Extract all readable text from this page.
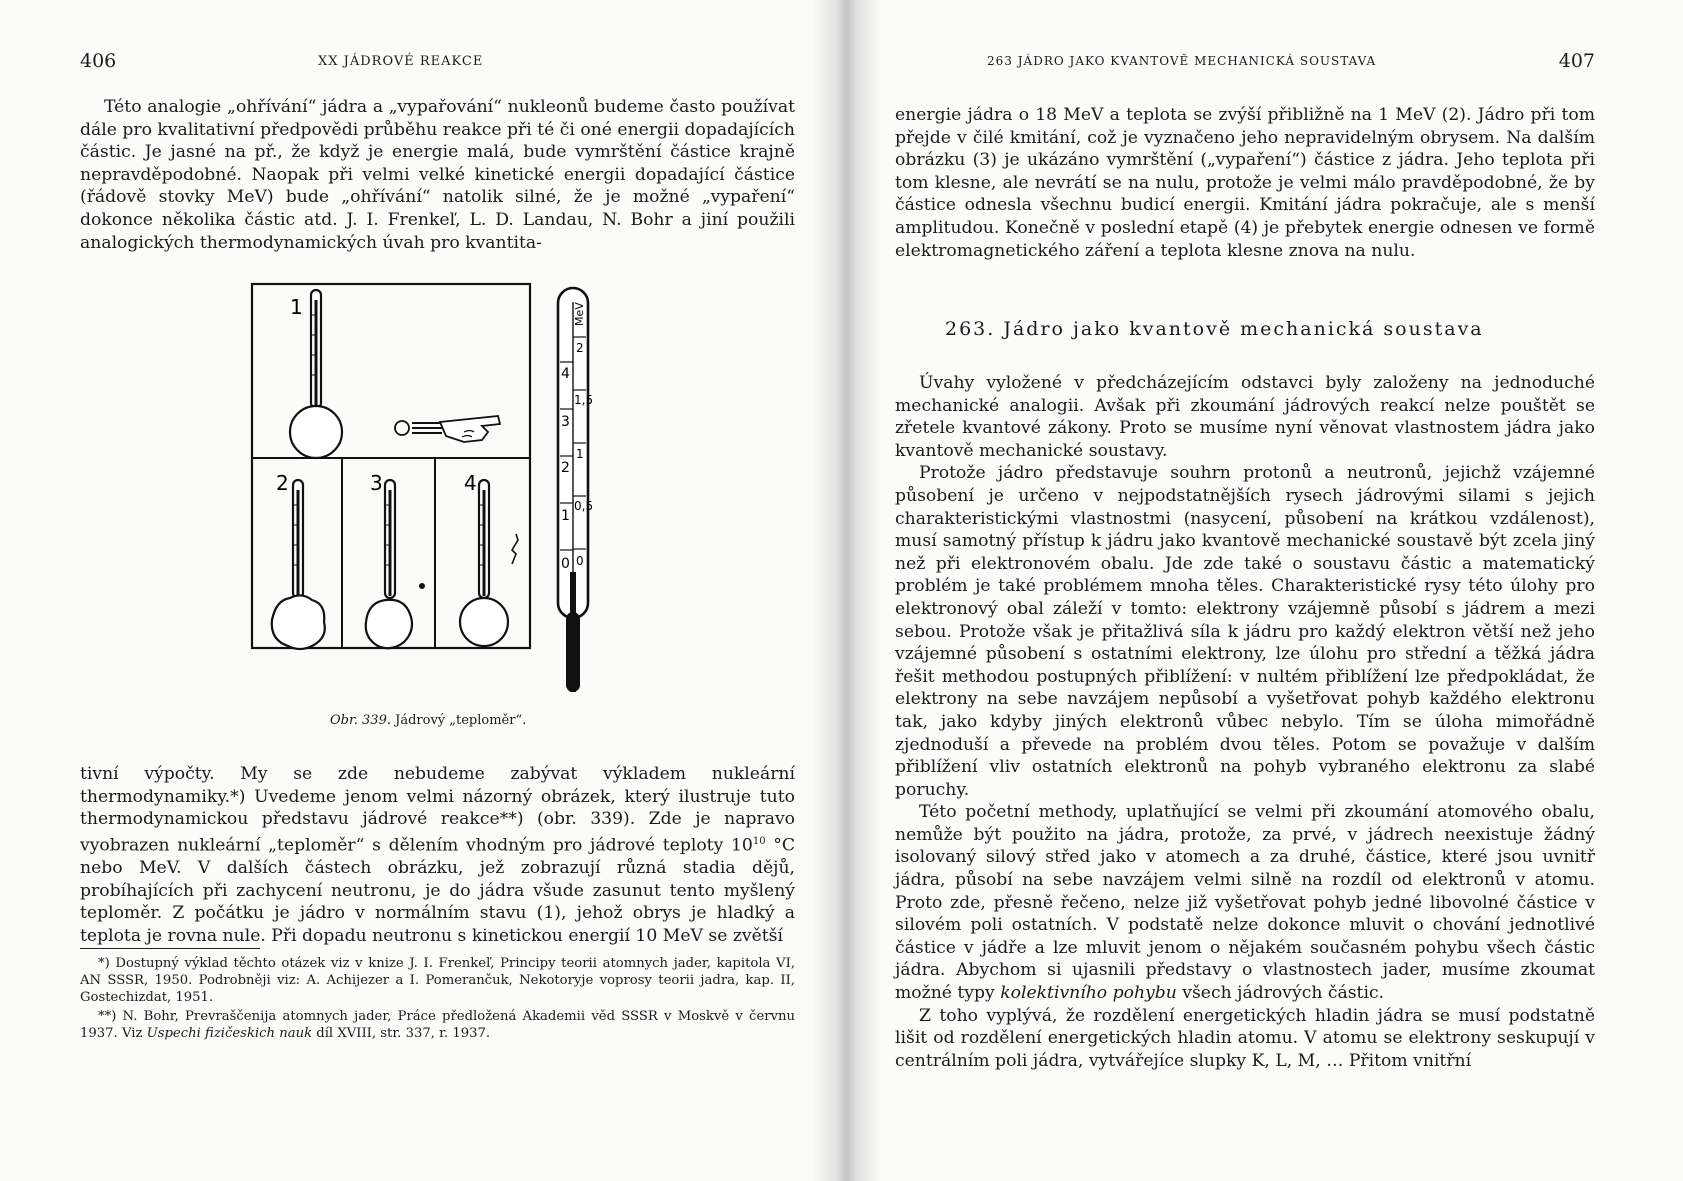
406	XX JÁDROVÉ REAKCE

Této analogie „ohřívání“ jádra a „vypařování“ nukleonů budeme často používat dále pro kvalitativní předpovědi průběhu reakce při té či oné energii dopadajících částic. Je jasné na př., že když je energie malá, bude vymrštění částice krajně nepravděpodobné. Naopak při velmi velké kinetické energii dopadající částice (řádově stovky MeV) bude „ohřívání“ natolik silné, že je možné „vypaření“ dokonce několika částic atd. J. I. Frenkeľ, L. D. Landau, N. Bohr a jiní použili analogických thermodynamických úvah pro kvantita-

1
2	3	4
MeV
4
3
2
1
0
2
1,5
1
0,5
0
Obr. 339. Jádrový „teploměr“.

tivní výpočty. My se zde nebudeme zabývat výkladem nukleární thermodynamiky.*) Uvedeme jenom velmi názorný obrázek, který ilustruje tuto thermodynamickou představu jádrové reakce**) (obr. 339). Zde je napravo vyobrazen nukleární „teploměr“ s dělením vhodným pro jádrové teploty $10^{10}$ °C nebo MeV. V dalších částech obrázku, jež zobrazují různá stadia dějů, probíhajících při zachycení neutronu, je do jádra všude zasunut tento myšlený teploměr. Z počátku je jádro v normálním stavu (1), jehož obrys je hladký a teplota je rovna nule. Při dopadu neutronu s kinetickou energií 10 MeV se zvětší

*) Dostupný výklad těchto otázek viz v knize J. I. Frenkeľ, Principy teorii atomnych jader, kapitola VI, AN SSSR, 1950. Podrobněji viz: A. Achijezer a I. Pomerančuk, Nekotoryje voprosy teorii jadra, kap. II, Gostechizdat, 1951.

**) N. Bohr, Prevraščenija atomnych jader, Práce předložená Akademii věd SSSR v Moskvě v červnu 1937. Viz Uspechi fizičeskich nauk díl XVIII, str. 337, r. 1937.

263 JÁDRO JAKO KVANTOVĚ MECHANICKÁ SOUSTAVA	407

energie jádra o 18 MeV a teplota se zvýší přibližně na 1 MeV (2). Jádro při tom přejde v čilé kmitání, což je vyznačeno jeho nepravidelným obrysem. Na dalším obrázku (3) je ukázáno vymrštění („vypaření“) částice z jádra. Jeho teplota při tom klesne, ale nevrátí se na nulu, protože je velmi málo pravděpodobné, že by částice odnesla všechnu budicí energii. Kmitání jádra pokračuje, ale s menší amplitudou. Konečně v poslední etapě (4) je přebytek energie odnesen ve formě elektromagnetického záření a teplota klesne znova na nulu.

263. Jádro jako kvantově mechanická soustava

Úvahy vyložené v předcházejícím odstavci byly založeny na jednoduché mechanické analogii. Avšak při zkoumání jádrových reakcí nelze pouštět se zřetele kvantové zákony. Proto se musíme nyní věnovat vlastnostem jádra jako kvantově mechanické soustavy.

Protože jádro představuje souhrn protonů a neutronů, jejichž vzájemné působení je určeno v nejpodstatnějších rysech jádrovými silami s jejich charakteristickými vlastnostmi (nasycení, působení na krátkou vzdálenost), musí samotný přístup k jádru jako kvantově mechanické soustavě být zcela jiný než při elektronovém obalu. Jde zde také o soustavu částic a matematický problém je také problémem mnoha těles. Charakteristické rysy této úlohy pro elektronový obal záleží v tomto: elektrony vzájemně působí s jádrem a mezi sebou. Protože však je přitažlivá síla k jádru pro každý elektron větší než jeho vzájemné působení s ostatními elektrony, lze úlohu pro střední a těžká jádra řešit methodou postupných přiblížení: v nultém přiblížení lze předpokládat, že elektrony na sebe navzájem nepůsobí a vyšetřovat pohyb každého elektronu tak, jako kdyby jiných elektronů vůbec nebylo. Tím se úloha mimořádně zjednoduší a převede na problém dvou těles. Potom se považuje v dalším přiblížení vliv ostatních elektronů na pohyb vybraného elektronu za slabé poruchy.

Této početní methody, uplatňující se velmi při zkoumání atomového obalu, nemůže být použito na jádra, protože, za prvé, v jádrech neexistuje žádný isolovaný silový střed jako v atomech a za druhé, částice, které jsou uvnitř jádra, působí na sebe navzájem velmi silně na rozdíl od elektronů v atomu. Proto zde, přesně řečeno, nelze již vyšetřovat pohyb jedné libovolné částice v silovém poli ostatních. V podstatě nelze dokonce mluvit o chování jednotlivé částice v jádře a lze mluvit jenom o nějakém současném pohybu všech částic jádra. Abychom si ujasnili představy o vlastnostech jader, musíme zkoumat možné typy kolektivního pohybu všech jádrových částic.

Z toho vyplývá, že rozdělení energetických hladin jádra se musí podstatně lišit od rozdělení energetických hladin atomu. V atomu se elektrony seskupují v centrálním poli jádra, vytvářejíce slupky K, L, M, … Přitom vnitřní
